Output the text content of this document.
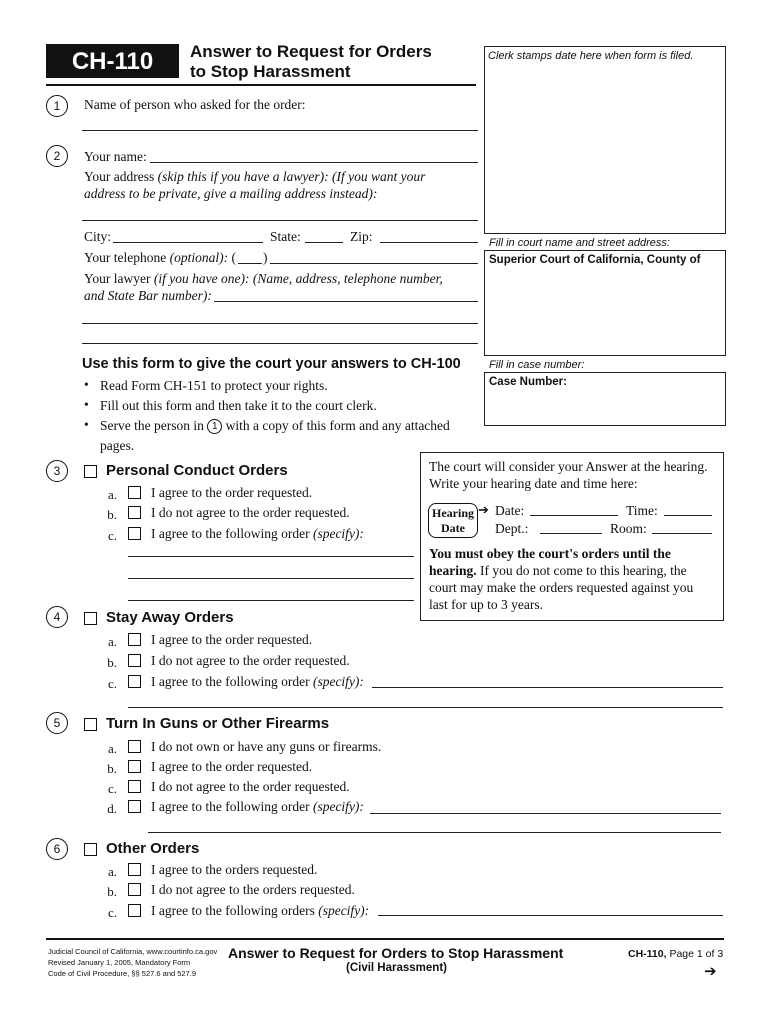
CH-110	Answer to Request for Orders
to Stop Harassment
Clerk stamps date here when form is filed.
Fill in court name and street address:
Superior Court of California, County of
Fill in case number:
Case Number:
1	Name of person who asked for the order:
2	Your name:
Your address (skip this if you have a lawyer): (If you want your
address to be private, give a mailing address instead):
City:	State:	Zip:
Your telephone (optional): ( )
Your lawyer (if you have one): (Name, address, telephone number,
and State Bar number):
Use this form to give the court your answers to CH-100
• Read Form CH-151 to protect your rights.
• Fill out this form and then take it to the court clerk.
• Serve the person in 1 with a copy of this form and any attached
pages.
The court will consider your Answer at the hearing.
Write your hearing date and time here:
Hearing
Date
➔ Date:	Time:
Dept.:	Room:
You must obey the court's orders until the hearing. If you do not come to this hearing, the court may make the orders requested against you last for up to 3 years.
3	Personal Conduct Orders
a.	I agree to the order requested.
b.	I do not agree to the order requested.
c.	I agree to the following order (specify):
4	Stay Away Orders
a.	I agree to the order requested.
b.	I do not agree to the order requested.
c.	I agree to the following order (specify):
5	Turn In Guns or Other Firearms
a.	I do not own or have any guns or firearms.
b.	I agree to the order requested.
c.	I do not agree to the order requested.
d.	I agree to the following order (specify):
6	Other Orders
a.	I agree to the orders requested.
b.	I do not agree to the orders requested.
c.	I agree to the following orders (specify):
Judicial Council of California, www.courtinfo.ca.gov
Revised January 1, 2005, Mandatory Form
Code of Civil Procedure, §§ 527.6 and 527.9
Answer to Request for Orders to Stop Harassment
(Civil Harassment)
CH-110, Page 1 of 3
➔
